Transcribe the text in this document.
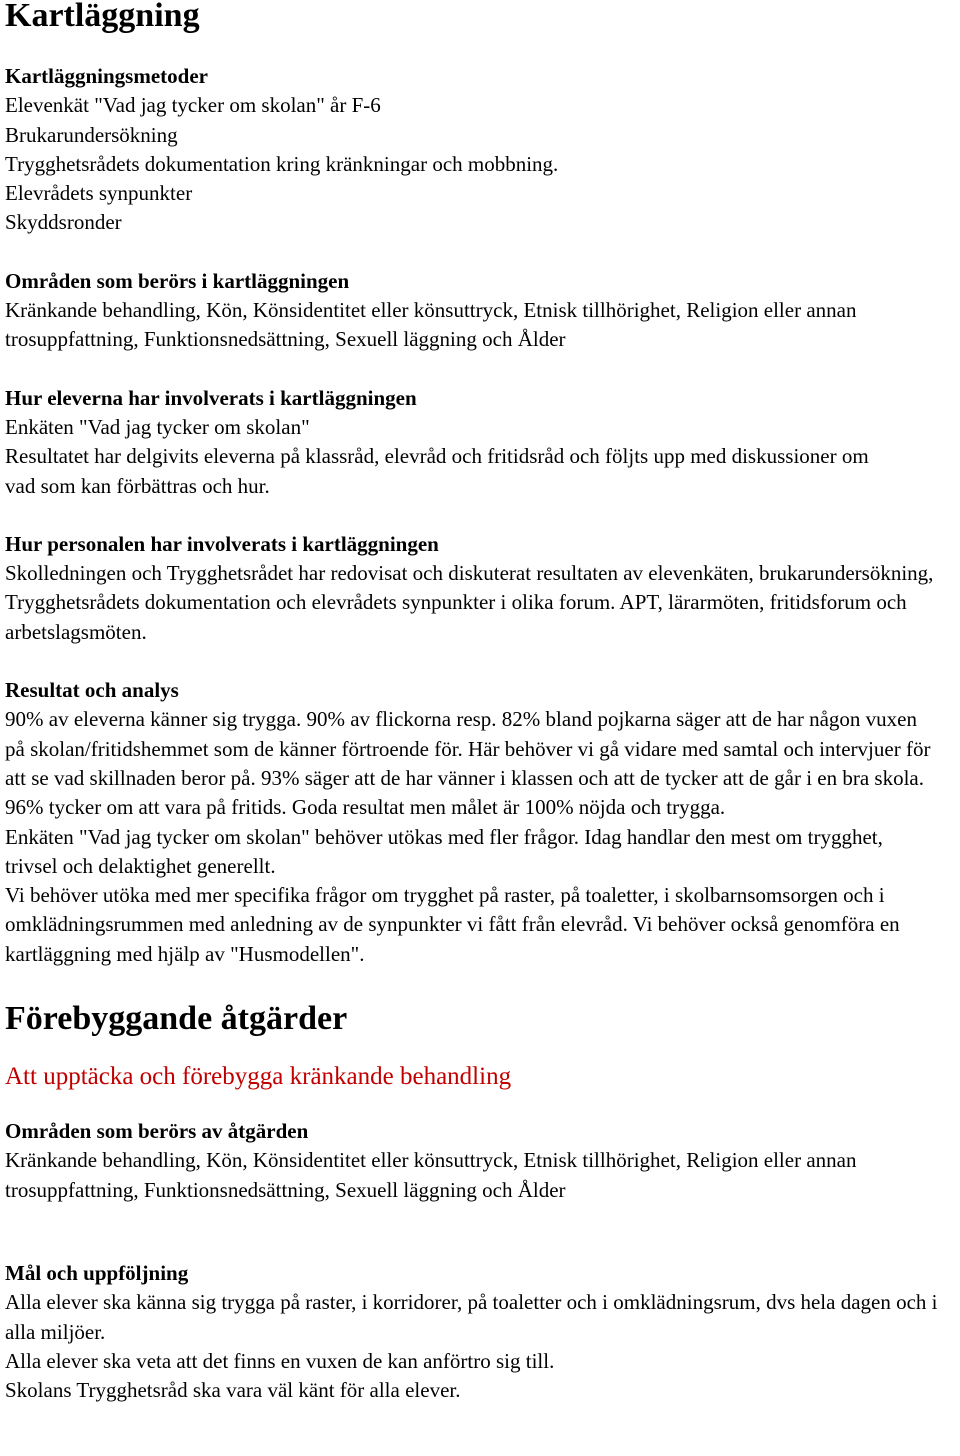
Kartläggning
Kartläggningsmetoder
Elevenkät "Vad jag tycker om skolan" år F-6
Brukarundersökning
Trygghetsrådets dokumentation kring kränkningar och mobbning.
Elevrådets synpunkter
Skyddsronder
Områden som berörs i kartläggningen
Kränkande behandling, Kön, Könsidentitet eller könsuttryck, Etnisk tillhörighet, Religion eller annan trosuppfattning, Funktionsnedsättning, Sexuell läggning och Ålder
Hur eleverna har involverats i kartläggningen
Enkäten "Vad jag tycker om skolan"
Resultatet har delgivits eleverna på klassråd, elevråd och fritidsråd och följts upp med diskussioner om vad som kan förbättras och hur.
Hur personalen har involverats i kartläggningen
Skolledningen och Trygghetsrådet har redovisat och diskuterat resultaten av elevenkäten, brukarundersökning, Trygghetsrådets dokumentation och elevrådets synpunkter i olika forum. APT, lärarmöten, fritidsforum och arbetslagsmöten.
Resultat och analys
90% av eleverna känner sig trygga. 90% av flickorna resp. 82% bland pojkarna säger att de har någon vuxen på skolan/fritidshemmet som de känner förtroende för. Här behöver vi gå vidare med samtal och intervjuer för att se vad skillnaden beror på. 93% säger att de har vänner i klassen och att de tycker att de går i en bra skola. 96% tycker om att vara på fritids. Goda resultat men målet är 100% nöjda och trygga.
Enkäten "Vad jag tycker om skolan" behöver utökas med fler frågor. Idag handlar den mest om trygghet, trivsel och delaktighet generellt.
Vi behöver utöka med mer specifika frågor om trygghet på raster, på toaletter, i skolbarnsomsorgen och i omklädningsrummen med anledning av de synpunkter vi fått från elevråd. Vi behöver också genomföra en kartläggning med hjälp av "Husmodellen".
Förebyggande åtgärder
Att upptäcka och förebygga kränkande behandling
Områden som berörs av åtgärden
Kränkande behandling, Kön, Könsidentitet eller könsuttryck, Etnisk tillhörighet, Religion eller annan trosuppfattning, Funktionsnedsättning, Sexuell läggning och Ålder
Mål och uppföljning
Alla elever ska känna sig trygga på raster, i korridorer, på toaletter och i omklädningsrum, dvs hela dagen och i alla miljöer.
Alla elever ska veta att det finns en vuxen de kan anförtro sig till.
Skolans Trygghetsråd ska vara väl känt för alla elever.
